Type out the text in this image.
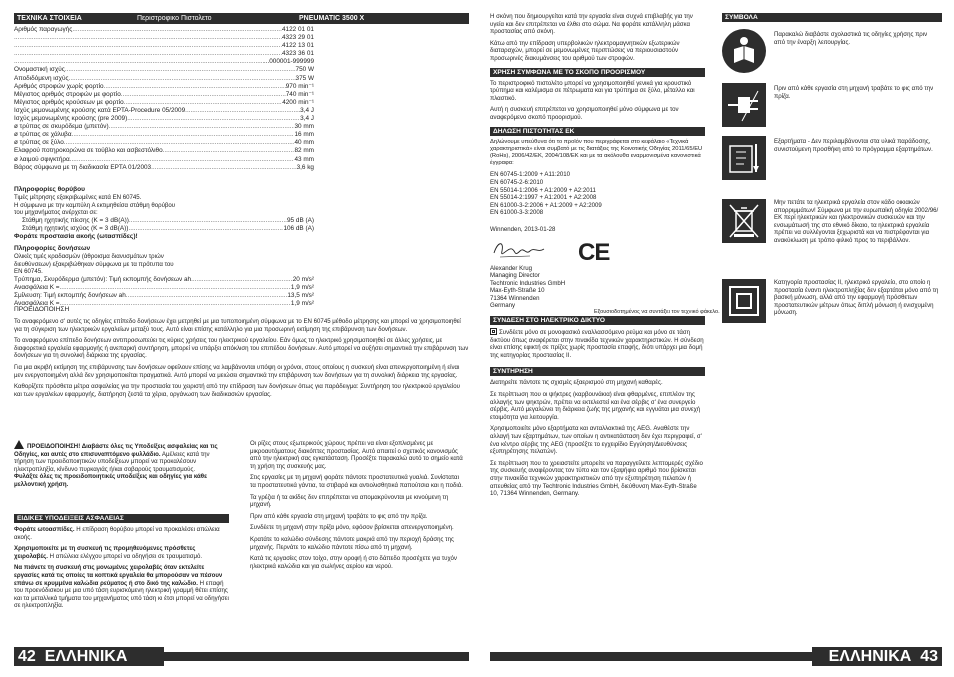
ΤΕΧΝΙΚΑ ΣΤΟΙΧΕΙΑ	Περιστροφικο Πιστολετο	PNEUMATIC 3500 X
Αριθμός παραγωγής .....	4122 01 01
.....
4323 29 01
.....
4122 13 01
.....
4323 36 01
.....
...000001-999999
Ονομαστική ισχύς .....	750 W
Αποδιδόμενη ισχύς .....	375 W
Αριθμός στροφών χωρίς φορτίο .....	970 min⁻¹
Μέγιστος αριθμός στροφών με φορτίο .....	740 min⁻¹
Μέγιστος αριθμός κρούσεων με φορτίο .....	4200 min⁻¹
Ισχύς μεμονωμένης κρούσης κατά EPTA-Procedure 05/2009 .....	3,4 J
Ισχύς μεμονωμένης κρούσης (pre 2009) .....	3,4 J
ø τρύπας σε σκυρόδεμα (μπετόν) .....	30 mm
ø τρύπας σε χάλυβα .....	16 mm
ø τρύπας σε ξύλο .....	40 mm
Ελαφρού ποτηροκορώνα σε τούβλο και ασβεστόλιθο .....	82 mm
ø λαιμού σφιγκτήρα .....	43 mm
Βάρος σύμφωνα με τη διαδικασία EPTA 01/2003 .....	3,6 kg
Πληροφορίες θορύβου
Τιμές μέτρησης εξακριβωμένες κατά ΕΝ 60745.
Η σύμφωνα με την καμπύλη Α εκτιμηθείσα στάθμη θορύβου
του μηχανήματος ανέρχεται σε:
Στάθμη ηχητικής πίεσης (K = 3 dB(A)) .....	95 dB (A)
Στάθμη ηχητικής ισχύος (K = 3 dB(A)) .....	106 dB (A)
Φοράτε προστασία ακοής (ωτασπίδες)!
Πληροφορίες δονήσεων
Ολικές τιμές κραδασμών (άθροισμα διανυσμάτων τριών
διευθύνσεων) εξακριβώθηκαν σύμφωνα με τα πρότυπα του
EN 60745.
Τρύπημα, Σκυρόδερμα (μπετόν): Τιμή εκπομπής δονήσεων ah .....	20 m/s²
Ανασφάλεια K = .....	1,9 m/s²
Σμίλευση: Τιμή εκπομπής δονήσεων ah .....	13,5 m/s²
Ανασφάλεια K = .....	1,9 m/s²
ΠΡΟΕΙΔΟΠΟΙΗΣΗ

Το αναφερόμενο σ' αυτές τις οδηγίες επίπεδο δονήσεων έχει μετρηθεί με μια τυποποιημένη σύμφωνα με το EN 60745 μέθοδο μέτρησης και μπορεί να χρησιμοποιηθεί για τη σύγκριση των ηλεκτρικών εργαλείων μεταξύ τους. Αυτό είναι επίσης κατάλληλο για μια προσωρινή εκτίμηση της επιβάρυνση των δονήσεων.

Το αναφερόμενο επίπεδο δονήσεων αντιπροσωπεύει τις κύριες χρήσεις του ηλεκτρικού εργαλείου. Εάν όμως το ηλεκτρικό χρησιμοποιηθεί σε άλλες χρήσεις, με διαφορετικά εργαλεία εφαρμογής ή ανεπαρκή συντήρηση, μπορεί να υπάρξει απόκλιση του επιπέδου δονήσεων. Αυτό μπορεί να αυξήσει σημαντικά την επιβάρυνση των δονήσεων για τη συνολική διάρκεια της εργασίας.

Για μια ακριβή εκτίμηση της επιβάρυνσης των δονήσεων οφείλουν επίσης να λαμβάνονται υπόψη οι χρόνοι, στους οποίους η συσκευή είναι απενεργοποιημένη ή είναι μεν ενεργοποιημένη αλλά δεν χρησιμοποιείται πραγματικά. Αυτό μπορεί να μειώσει σημαντικά την επιβάρυνση των δονήσεων για τη συνολική διάρκεια της εργασίας.

Καθορίζετε πρόσθετα μέτρα ασφαλείας για την προστασία του χειριστή από την επίδραση των δονήσεων όπως για παράδειγμα: Συντήρηση του ηλεκτρικού εργαλείου και των εργαλείων εφαρμογής, διατήρηση ζεστά τα χέρια, οργάνωση των διαδικασιών εργασίας.

ΠΡΟΕΙΔΟΠΟΙΗΣΗ! Διαβάστε όλες τις Υποδείξεις ασφαλείας και τις Οδηγίες, και αυτές στο επισυναπτόμενο φυλλάδιο. Αμέλειες κατά την τήρηση των προειδοποιητικών υποδείξεων μπορεί να προκαλέσουν ηλεκτροπληξία, κίνδυνο πυρκαγιάς ή/και σοβαρούς τραυματισμούς.
Φυλάξτε όλες τις προειδοποιητικές υποδείξεις και οδηγίες για κάθε μελλοντική χρήση.
ΕΙΔΙΚΕΣ ΥΠΟΔΕΙΞΕΙΣ ΑΣΦΑΛΕΙΑΣ

Φοράτε ωτοασπίδες. Η επίδραση θορύβου μπορεί να προκαλέσει απώλεια ακοής.

Χρησιμοποιείτε με τη συσκευή τις προμηθευόμενες πρόσθετες χειρολαβές. Η απώλεια ελέγχου μπορεί να οδηγήσει σε τραυματισμό.

Να πιάνετε τη συσκευή στις μονωμένες χειρολαβές όταν εκτελείτε εργασίες κατά τις οποίες τα κοπτικά εργαλεία θα μπορούσαν να πέσουν επάνω σε κρυμμένα καλώδια ρεύματος ή στο δικό της καλώδιο. Η επαφή του προενόδισκου με μια υπό τάση ευρισκόμενη ηλεκτρική γραμμή θέτει επίσης και τα μεταλλικά τμήματα του μηχανήματος υπό τάση κι έτσι μπορεί να οδηγήσει σε ηλεκτροπληξία.

Οι ρίζες στους εξωτερικούς χώρους πρέπει να είναι εξοπλισμένες με μικροαυτόματους διακόπτες προστασίας. Αυτό απαιτεί ο σχετικός κανονισμός από την ηλεκτρική σας εγκατάσταση. Προσέξτε παρακαλώ αυτό το σημείο κατά τη χρήση της συσκευής μας.

Στις εργασίες με τη μηχανή φοράτε πάντοτε προστατευτικά γυαλιά. Συνίσταται τα προστατευτικά γάντια, τα στιβαρά και αντιολισθητικά παπούτσια και η ποδιά.

Τα γρέζια ή τα ακίδες δεν επιτρέπεται να απομακρύνονται με κινούμενη τη μηχανή.

Πριν από κάθε εργασία στη μηχανή τραβάτε το φις από την πρίζα.

Συνδέετε τη μηχανή στην πρίζα μόνο, εφόσον βρίσκεται απενεργοποιημένη.

Κρατάτε το καλώδιο σύνδεσης πάντοτε μακριά από την περιοχή δράσης της μηχανής. Περνάτε το καλώδιο πάντοτε πίσω από τη μηχανή.

Κατά τις εργασίες στον τοίχο, στην οροφή ή στο δάπεδο προσέχετε για τυχόν ηλεκτρικά καλώδια και για σωλήνες αερίου και νερού.

42 ΕΛΛΗΝΙΚΑ

Η σκόνη που δημιουργείται κατά την εργασία είναι συχνά επιβλαβής για την υγεία και δεν επιτρέπεται να έλθει στο σώμα. Να φοράτε κατάλληλη μάσκα προστασίας από σκόνη.

Κάτω από την επίδραση υπερβολικών ηλεκτρομαγνητικών εξωτερικών διαταραχών, μπορεί σε μεμονωμένες περιπτώσεις να περιουσιαστούν προσωρινές διακυμάνσεις του αριθμού των στροφών.

ΧΡΗΣΗ ΣΥΜΦΩΝΑ ΜΕ ΤΟ ΣΚΟΠΟ ΠΡΟΟΡΙΣΜΟΥ

Το περιστροφικό πιστολέτο μπορεί να χρησιμοποιηθεί γενικά για κρουστικό τρύπημα και καλέμισμα σε πέτρωματα και για τρύπημα σε ξύλο, μέταλλο και πλαστικό.

Αυτή η συσκευή επιτρέπεται να χρησιμοποιηθεί μόνο σύμφωνα με τον αναφερόμενο σκοπό προορισμού.

ΔΗΛΩΣΗ ΠΙΣΤΟΤΗΤΑΣ ΕΚ

Δηλώνουμε υπεύθυνα ότι το προϊόν που περιγράφεται στο κεφάλαιο «Τεχνικά χαρακτηριστικά» είναι συμβατό με τις διατάξεις της Κοινοτικής Οδηγίας 2011/65/EU (RoHs), 2006/42/EK, 2004/108/EK και με τα ακόλουθα εναρμονισμένα κανονιστικά έγγραφα:

EN 60745-1:2009 + A11:2010
EN 60745-2-6:2010
EN 55014-1:2006 + A1:2009 + A2:2011
EN 55014-2:1997 + A1:2001 + A2:2008
EN 61000-3-2:2006 + A1:2009 + A2:2009
EN 61000-3-3:2008

Winnenden, 2013-01-28

CE
Alexander Krug
Managing Director
Εξουσιοδοτημένος να συντάξει τον τεχνικό φάκελο.
Techtronic Industries GmbH
Max-Eyth-Straße 10
71364 Winnenden
Germany
ΣΥΝΔΕΣΗ ΣΤΟ ΗΛΕΚΤΡΙΚΟ ΔΙΚΤΥΟ

Συνδέετε μόνο σε μονοφασικό εναλλασσόμενο ρεύμα και μόνο σε τάση δικτύου όπως αναφέρεται στην πινακίδα τεχνικών χαρακτηριστικών. Η σύνδεση είναι επίσης εφικτή σε πρίζες χωρίς προστασία επαφής, διότι υπάρχει μια δομή της κατηγορίας προστασίας II.

ΣΥΝΤΗΡΗΣΗ

Διατηρείτε πάντοτε τις σχισμές εξαερισμού στη μηχανή καθαρές.

Σε περίπτωση που οι ψήκτρες (καρβουνάκια) είναι φθαρμένες, επιπλέον της αλλαγής των ψηκτρών, πρέπει να εκτελεστεί και ένα σέρβις σ' ένα συνεργείο σέρβις. Αυτό μεγαλώνει τη διάρκεια ζωής της μηχανής και εγγυάται μια συνεχή ετοιμότητα για λειτουργία.

Χρησιμοποιείτε μόνο εξαρτήματα και ανταλλακτικά της AEG. Αναθέστε την αλλαγή των εξαρτημάτων, των οποίων η αντικατάσταση δεν έχει περιγραφεί, σ' ένα κέντρο σέρβις της AEG (προσέξτε το εγχειρίδιο Εγγύηση/Διευθύνσεις εξυπηρέτησης πελατών).

Σε περίπτωση που το χρειαστείτε μπορείτε να παραγγείλετε λεπτομερές σχέδιο της συσκευής αναφέροντας τον τύπο και τον εξαψήφιο αριθμό που βρίσκεται στην πινακίδα τεχνικών χαρακτηριστικών από την εξυπηρέτηση πελατών ή απευθείας από την Techtronic Industries GmbH, διεύθυνση Max-Eyth-Straße 10, 71364 Winnenden, Germany.

ΣΥΜΒΟΛΑ
Παρακαλώ διαβάστε σχολαστικά τις οδηγίες χρήσης πριν από την έναρξη λειτουργίας.
Πριν από κάθε εργασία στη μηχανή τραβάτε το φις από την πρίζα.
Εξαρτήματα - Δεν περιλαμβάνονται στα υλικά παράδοσης, συνιστούμενη προσθήκη από το πρόγραμμα εξαρτημάτων.
Μην πετάτε τα ηλεκτρικά εργαλεία στον κάδο οικιακών απορριμμάτων! Σύμφωνα με την ευρωπαϊκή οδηγία 2002/96/ΕΚ περί ηλεκτρικών και ηλεκτρονικών συσκευών και την ενσωμάτωσή της στο εθνικό δίκαιο, τα ηλεκτρικά εργαλεία πρέπει να συλλέγονται ξεχωριστά και να πιστρέφονται για ανακύκλωση με τρόπο φιλικό προς το περιβάλλον.
Κατηγορία προστασίας II, ηλεκτρικό εργαλείο, στο οποίο η προστασία έναντι ηλεκτροπληξίας δεν εξαρτάται μόνο από τη βασική μόνωση, αλλά από την εφαρμογή πρόσθετων προστατευτικών μέτρων όπως διπλή μόνωση ή ενισχυμένη μόνωση.
ΕΛΛΗΝΙΚΑ 43
